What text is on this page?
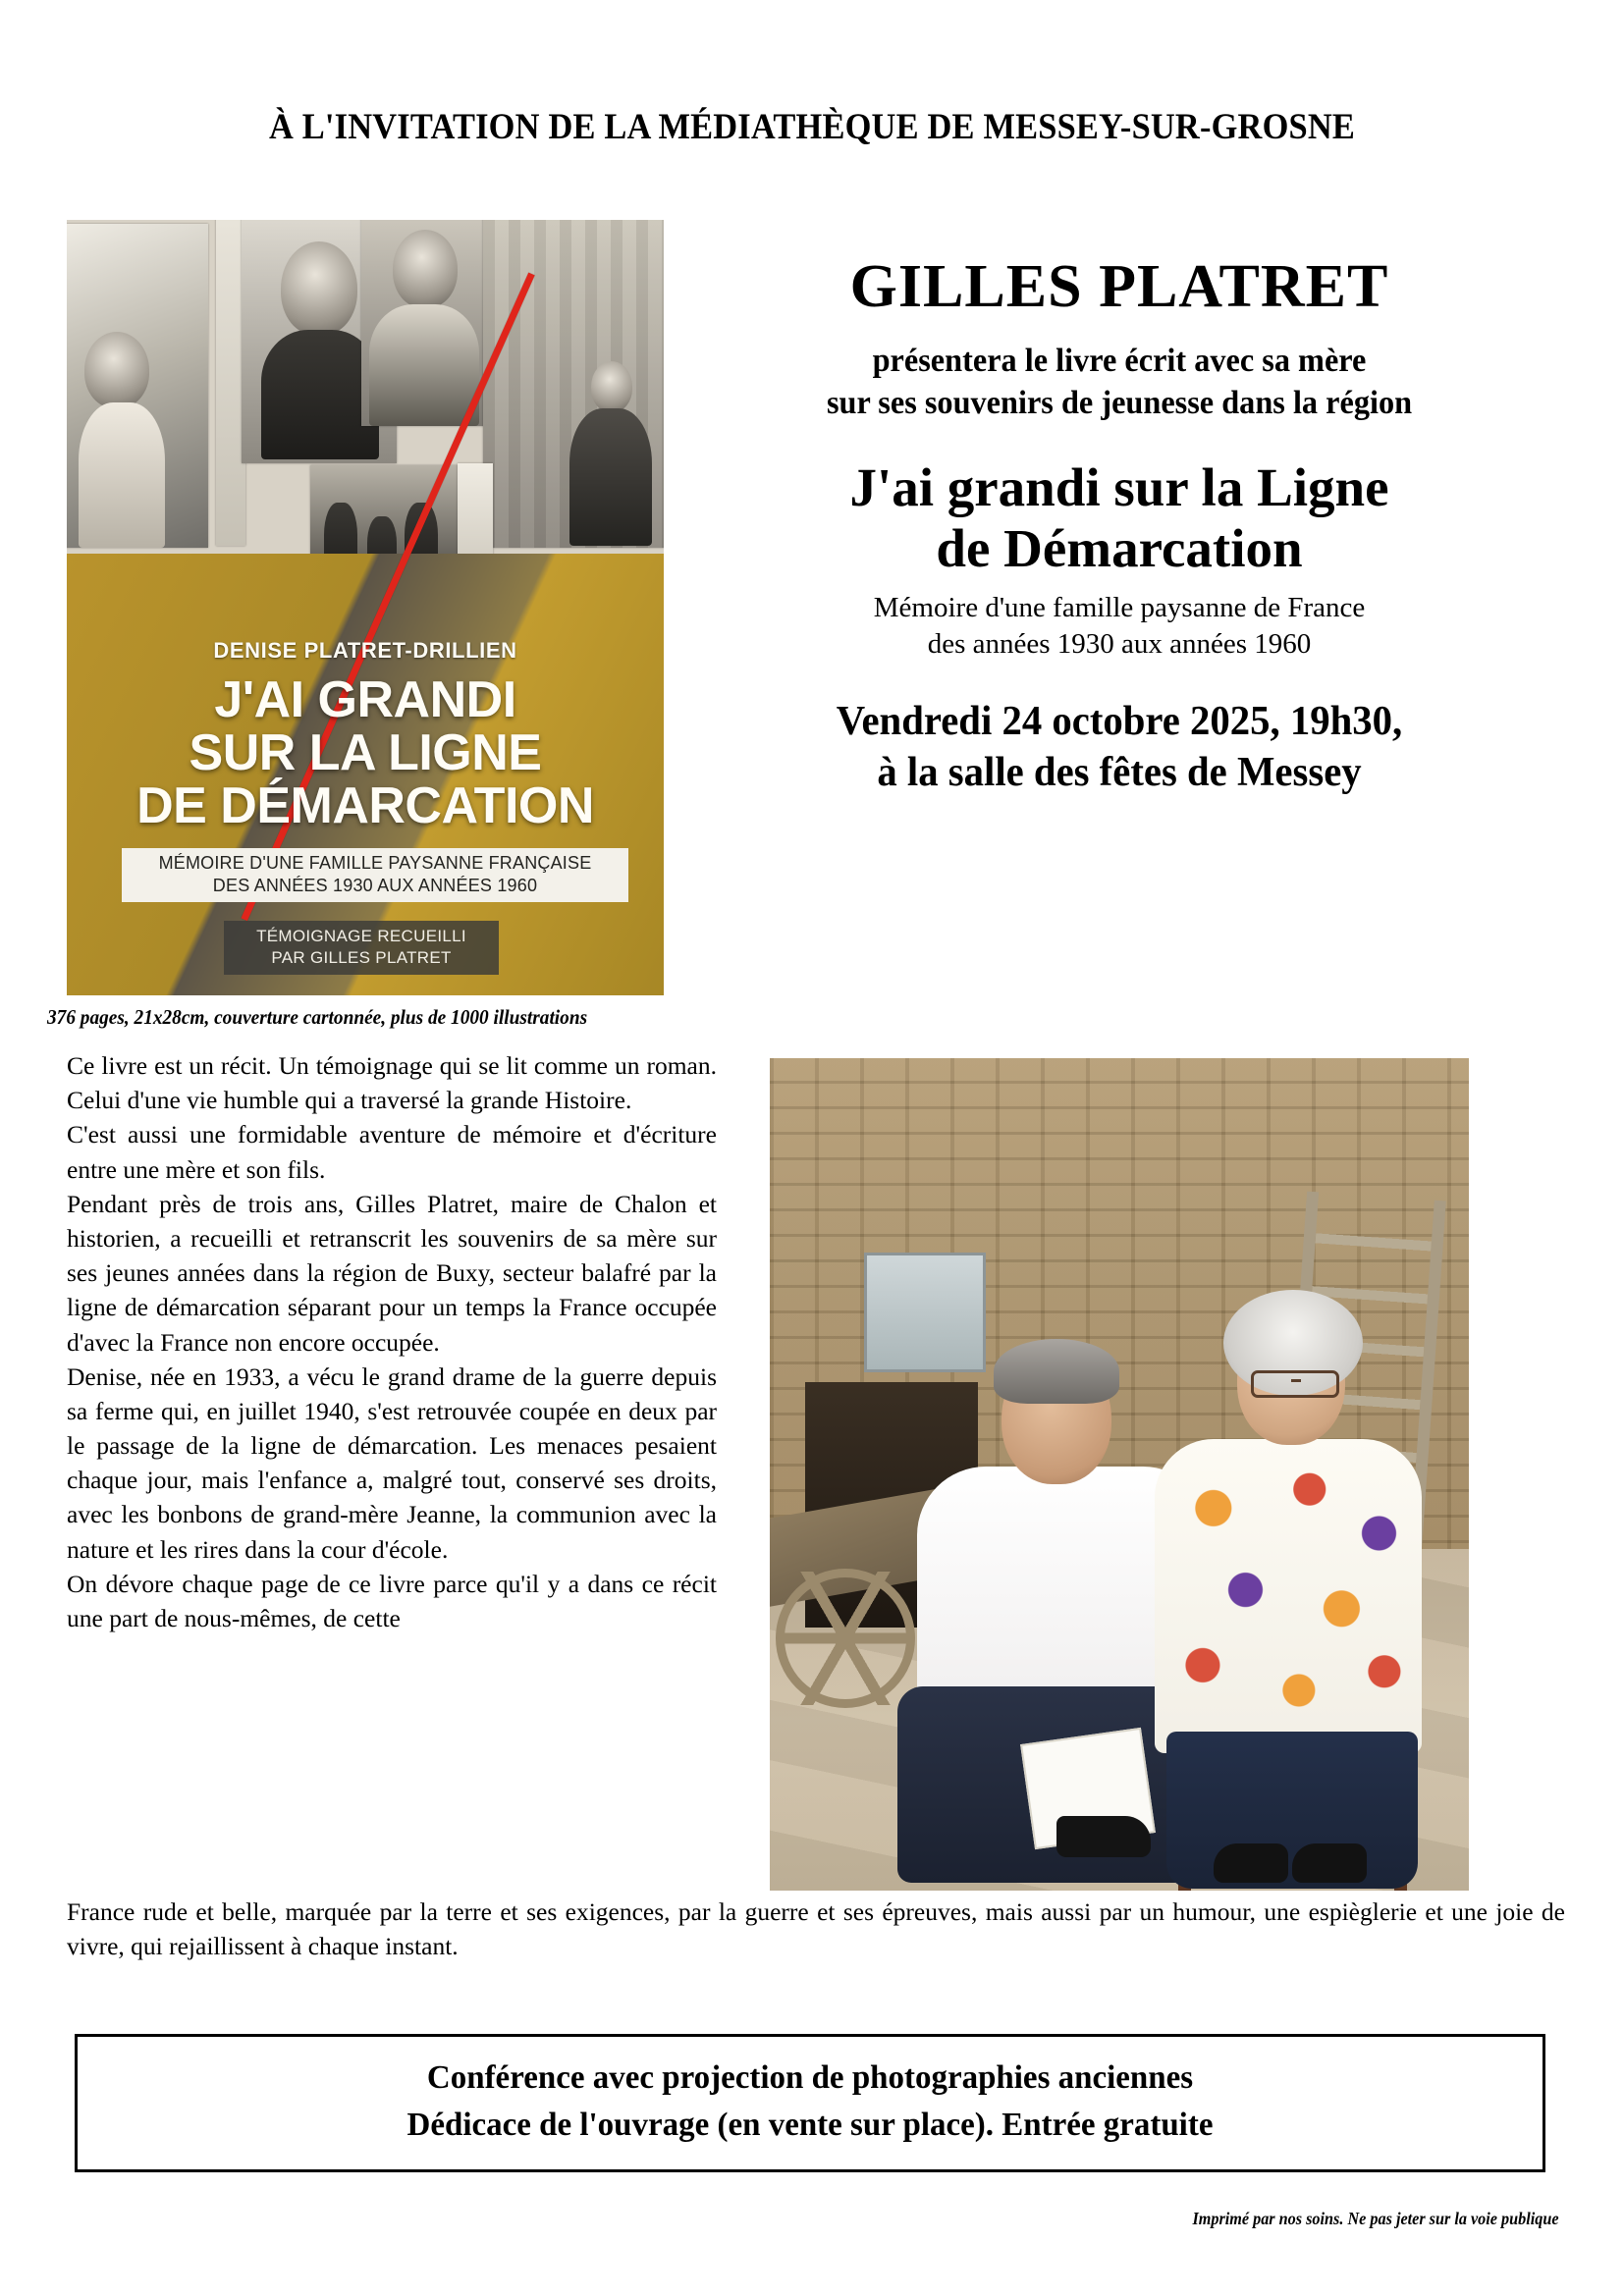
À L'INVITATION DE LA MÉDIATHÈQUE DE MESSEY-SUR-GROSNE
DENISE PLATRET-DRILLIEN
J'AI GRANDI
SUR LA LIGNE
DE DÉMARCATION
MÉMOIRE D'UNE FAMILLE PAYSANNE FRANÇAISE
DES ANNÉES 1930 AUX ANNÉES 1960
TÉMOIGNAGE RECUEILLI
PAR GILLES PLATRET
376 pages, 21x28cm, couverture cartonnée, plus de 1000 illustrations
GILLES PLATRET
présentera le livre écrit avec sa mère
sur ses souvenirs de jeunesse dans la région
J'ai grandi sur la Ligne
de Démarcation
Mémoire d'une famille paysanne de France
des années 1930 aux années 1960
Vendredi 24 octobre 2025, 19h30,
à la salle des fêtes de Messey

Ce livre est un récit. Un témoignage qui se lit comme un roman. Celui d'une vie humble qui a traversé la grande Histoire.

C'est aussi une formidable aventure de mémoire et d'écriture entre une mère et son fils.

Pendant près de trois ans, Gilles Platret, maire de Chalon et historien, a recueilli et retranscrit les souvenirs de sa mère sur ses jeunes années dans la région de Buxy, secteur balafré par la ligne de démarcation séparant pour un temps la France occupée d'avec la France non encore occupée.

Denise, née en 1933, a vécu le grand drame de la guerre depuis sa ferme qui, en juillet 1940, s'est retrouvée coupée en deux par le passage de la ligne de démarcation. Les menaces pesaient chaque jour, mais l'enfance a, malgré tout, conservé ses droits, avec les bonbons de grand-mère Jeanne, la communion avec la nature et les rires dans la cour d'école.

On dévore chaque page de ce livre parce qu'il y a dans ce récit une part de nous-mêmes, de cette

France rude et belle, marquée par la terre et ses exigences, par la guerre et ses épreuves, mais aussi par un humour, une espièglerie et une joie de vivre, qui rejaillissent à chaque instant.

Conférence avec projection de photographies anciennes
Dédicace de l'ouvrage (en vente sur place). Entrée gratuite
Imprimé par nos soins. Ne pas jeter sur la voie publique
